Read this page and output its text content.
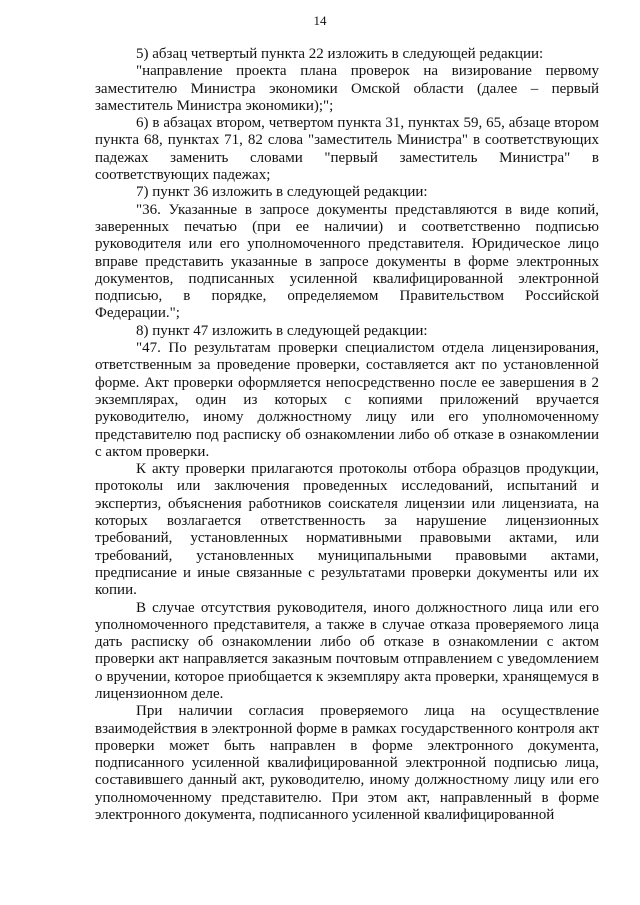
14

5) абзац четвертый пункта 22 изложить в следующей редакции:

"направление проекта плана проверок на визирование первому заместителю Министра экономики Омской области (далее – первый заместитель Министра экономики);";

6) в абзацах втором, четвертом пункта 31, пунктах 59, 65, абзаце втором пункта 68, пунктах 71, 82 слова "заместитель Министра" в соответствующих падежах заменить словами "первый заместитель Министра" в соответствующих падежах;

7) пункт 36 изложить в следующей редакции:

"36. Указанные в запросе документы представляются в виде копий, заверенных печатью (при ее наличии) и соответственно подписью руководителя или его уполномоченного представителя. Юридическое лицо вправе представить указанные в запросе документы в форме электронных документов, подписанных усиленной квалифицированной электронной подписью, в порядке, определяемом Правительством Российской Федерации.";

8) пункт 47 изложить в следующей редакции:

"47. По результатам проверки специалистом отдела лицензирования, ответственным за проведение проверки, составляется акт по установленной форме. Акт проверки оформляется непосредственно после ее завершения в 2 экземплярах, один из которых с копиями приложений вручается руководителю, иному должностному лицу или его уполномоченному представителю под расписку об ознакомлении либо об отказе в ознакомлении с актом проверки.

К акту проверки прилагаются протоколы отбора образцов продукции, протоколы или заключения проведенных исследований, испытаний и экспертиз, объяснения работников соискателя лицензии или лицензиата, на которых возлагается ответственность за нарушение лицензионных требований, установленных нормативными правовыми актами, или требований, установленных муниципальными правовыми актами, предписание и иные связанные с результатами проверки документы или их копии.

В случае отсутствия руководителя, иного должностного лица или его уполномоченного представителя, а также в случае отказа проверяемого лица дать расписку об ознакомлении либо об отказе в ознакомлении с актом проверки акт направляется заказным почтовым отправлением с уведомлением о вручении, которое приобщается к экземпляру акта проверки, хранящемуся в лицензионном деле.

При наличии согласия проверяемого лица на осуществление взаимодействия в электронной форме в рамках государственного контроля акт проверки может быть направлен в форме электронного документа, подписанного усиленной квалифицированной электронной подписью лица, составившего данный акт, руководителю, иному должностному лицу или его уполномоченному представителю. При этом акт, направленный в форме электронного документа, подписанного усиленной квалифицированной
